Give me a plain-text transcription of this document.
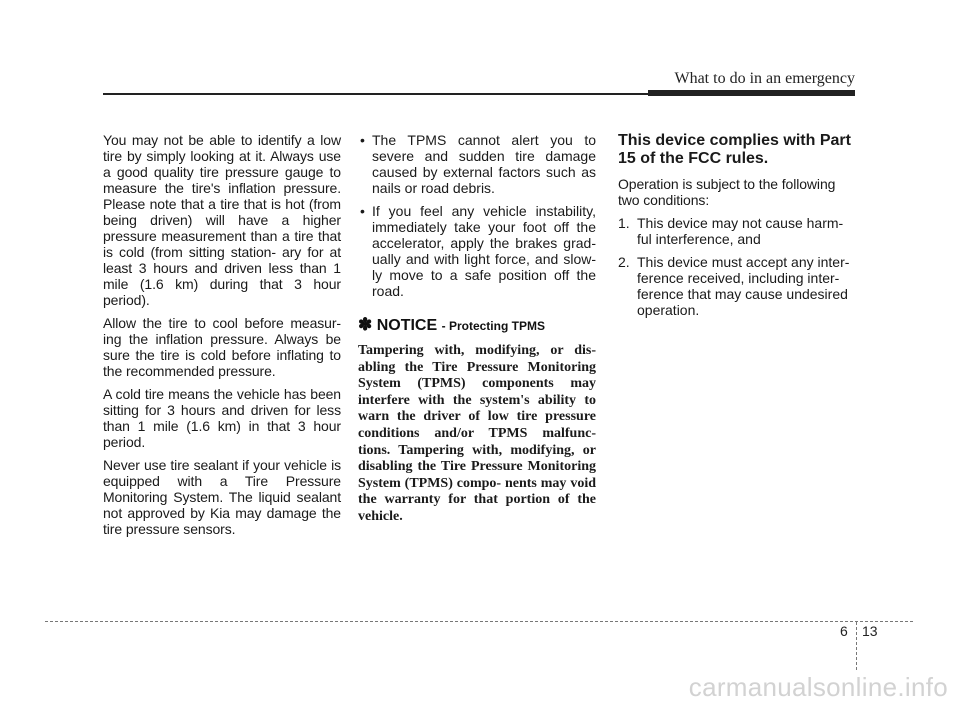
What to do in an emergency

You may not be able to identify a low tire by simply looking at it. Always use a good quality tire pressure gauge to measure the tire's inflation pressure. Please note that a tire that is hot (from being driven) will have a higher pressure measurement than a tire that is cold (from sitting station- ary for at least 3 hours and driven less than 1 mile (1.6 km) during that 3 hour period).

Allow the tire to cool before measur- ing the inflation pressure. Always be sure the tire is cold before inflating to the recommended pressure.

A cold tire means the vehicle has been sitting for 3 hours and driven for less than 1 mile (1.6 km) in that 3 hour period.

Never use tire sealant if your vehicle is equipped with a Tire Pressure Monitoring System. The liquid sealant not approved by Kia may damage the tire pressure sensors.

• The TPMS cannot alert you to severe and sudden tire damage caused by external factors such as nails or road debris.
• If you feel any vehicle instability, immediately take your foot off the accelerator, apply the brakes grad- ually and with light force, and slow- ly move to a safe position off the road.
✽ NOTICE - Protecting TPMS
Tampering with, modifying, or dis- abling the Tire Pressure Monitoring System (TPMS) components may interfere with the system's ability to warn the driver of low tire pressure conditions and/or TPMS malfunc- tions. Tampering with, modifying, or disabling the Tire Pressure Monitoring System (TPMS) compo- nents may void the warranty for that portion of the vehicle.
This device complies with Part 15 of the FCC rules.

Operation is subject to the following two conditions:

1. This device may not cause harm- ful interference, and
2. This device must accept any inter- ference received, including inter- ference that may cause undesired operation.
6 13
carmanualsonline.info
